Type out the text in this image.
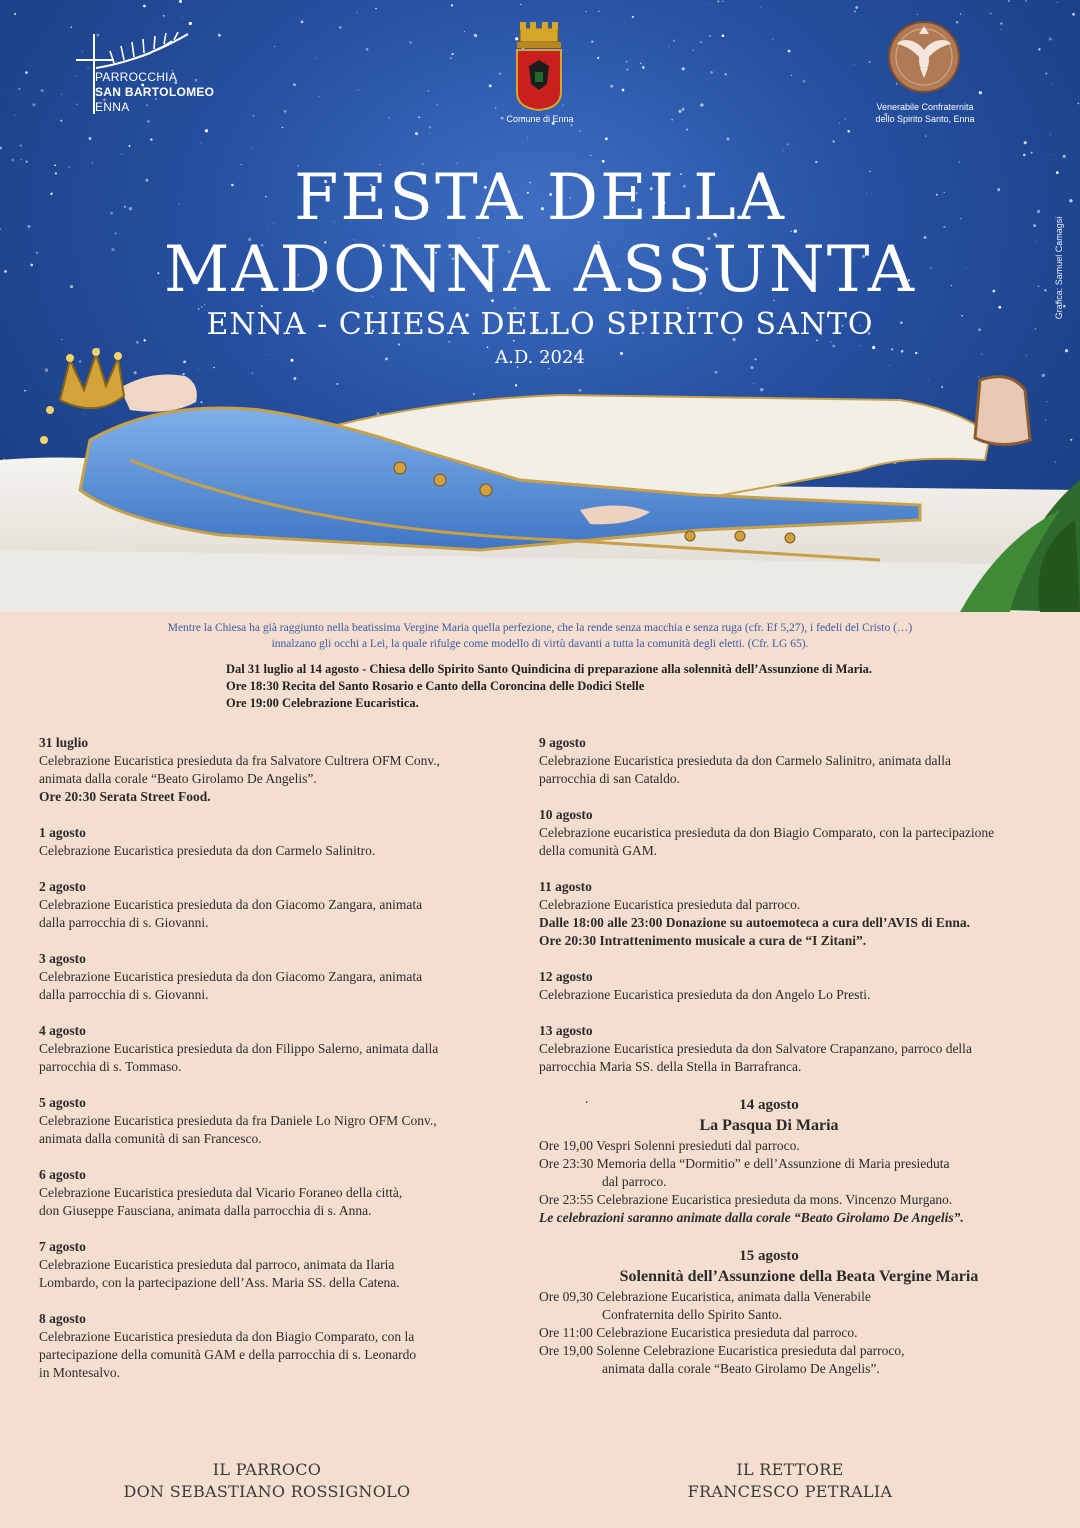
PARROCCHIA
SAN BARTOLOMEO
ENNA
Comune di Enna
Venerabile Confraternita
dello Spirito Santo, Enna
Grafica: Samuel Camagsi
FESTA DELLA
MADONNA ASSUNTA
ENNA - CHIESA DELLO SPIRITO SANTO
A.D. 2024
Mentre la Chiesa ha già raggiunto nella beatissima Vergine Maria quella perfezione, che la rende senza macchia e senza ruga (cfr. Ef 5,27), i fedeli del Cristo (…)
innalzano gli occhi a Lei, la quale rifulge come modello di virtù davanti a tutta la comunità degli eletti. (Cfr. LG 65).
Dal 31 luglio al 14 agosto - Chiesa dello Spirito Santo Quindicina di preparazione alla solennità dell’Assunzione di Maria.
Ore 18:30 Recita del Santo Rosario e Canto della Coroncina delle Dodici Stelle
Ore 19:00 Celebrazione Eucaristica.
31 luglio
Celebrazione Eucaristica presieduta da fra Salvatore Cultrera OFM Conv.,
animata dalla corale “Beato Girolamo De Angelis”.
Ore 20:30 Serata Street Food.
1 agosto
Celebrazione Eucaristica presieduta da don Carmelo Salinitro.
2 agosto
Celebrazione Eucaristica presieduta da don Giacomo Zangara, animata
dalla parrocchia di s. Giovanni.
3 agosto
Celebrazione Eucaristica presieduta da don Giacomo Zangara, animata
dalla parrocchia di s. Giovanni.
4 agosto
Celebrazione Eucaristica presieduta da don Filippo Salerno, animata dalla
parrocchia di s. Tommaso.
5 agosto
Celebrazione Eucaristica presieduta da fra Daniele Lo Nigro OFM Conv.,
animata dalla comunità di san Francesco.
6 agosto
Celebrazione Eucaristica presieduta dal Vicario Foraneo della città,
don Giuseppe Fausciana, animata dalla parrocchia di s. Anna.
7 agosto
Celebrazione Eucaristica presieduta dal parroco, animata da Ilaria
Lombardo, con la partecipazione dell’Ass. Maria SS. della Catena.
8 agosto
Celebrazione Eucaristica presieduta da don Biagio Comparato, con la
partecipazione della comunità GAM e della parrocchia di s. Leonardo
in Montesalvo.
9 agosto
Celebrazione Eucaristica presieduta da don Carmelo Salinitro, animata dalla
parrocchia di san Cataldo.
10 agosto
Celebrazione eucaristica presieduta da don Biagio Comparato, con la partecipazione
della comunità GAM.
11 agosto
Celebrazione Eucaristica presieduta dal parroco.
Dalle 18:00 alle 23:00 Donazione su autoemoteca a cura dell’AVIS di Enna.
Ore 20:30 Intrattenimento musicale a cura de “I Zitani”.
12 agosto
Celebrazione Eucaristica presieduta da don Angelo Lo Presti.
13 agosto
Celebrazione Eucaristica presieduta da don Salvatore Crapanzano, parroco della
parrocchia Maria SS. della Stella in Barrafranca.
.	14 agosto
La Pasqua Di Maria
Ore 19,00 Vespri Solenni presieduti dal parroco.
Ore 23:30 Memoria della “Dormitio” e dell’Assunzione di Maria presieduta
dal parroco.
Ore 23:55 Celebrazione Eucaristica presieduta da mons. Vincenzo Murgano.
Le celebrazioni saranno animate dalla corale “Beato Girolamo De Angelis”.
15 agosto
Solennità dell’Assunzione della Beata Vergine Maria
Ore 09,30 Celebrazione Eucaristica, animata dalla Venerabile
Confraternita dello Spirito Santo.
Ore 11:00 Celebrazione Eucaristica presieduta dal parroco.
Ore 19,00 Solenne Celebrazione Eucaristica presieduta dal parroco,
animata dalla corale “Beato Girolamo De Angelis”.
IL PARROCO
DON SEBASTIANO ROSSIGNOLO
IL RETTORE
FRANCESCO PETRALIA
